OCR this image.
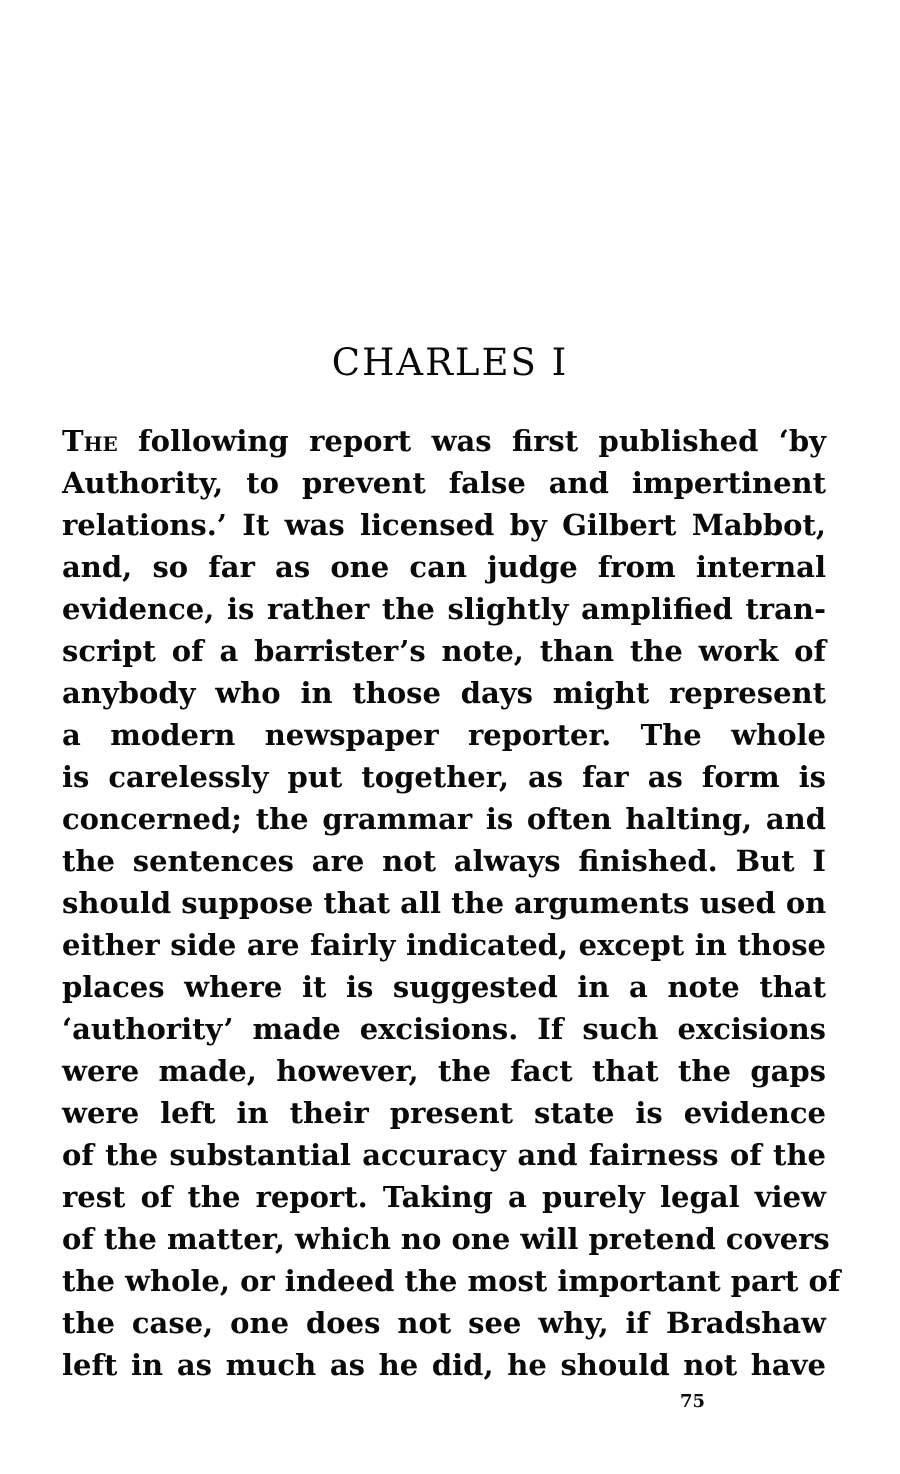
CHARLES I
The following report was first published ‘by
Authority, to prevent false and impertinent
relations.’ It was licensed by Gilbert Mabbot,
and, so far as one can judge from internal
evidence, is rather the slightly amplified tran-
script of a barrister’s note, than the work of
anybody who in those days might represent
a modern newspaper reporter. The whole
is carelessly put together, as far as form is
concerned; the grammar is often halting, and
the sentences are not always finished. But I
should suppose that all the arguments used on
either side are fairly indicated, except in those
places where it is suggested in a note that
‘authority’ made excisions. If such excisions
were made, however, the fact that the gaps
were left in their present state is evidence
of the substantial accuracy and fairness of the
rest of the report. Taking a purely legal view
of the matter, which no one will pretend covers
the whole, or indeed the most important part of
the case, one does not see why, if Bradshaw
left in as much as he did, he should not have
75
